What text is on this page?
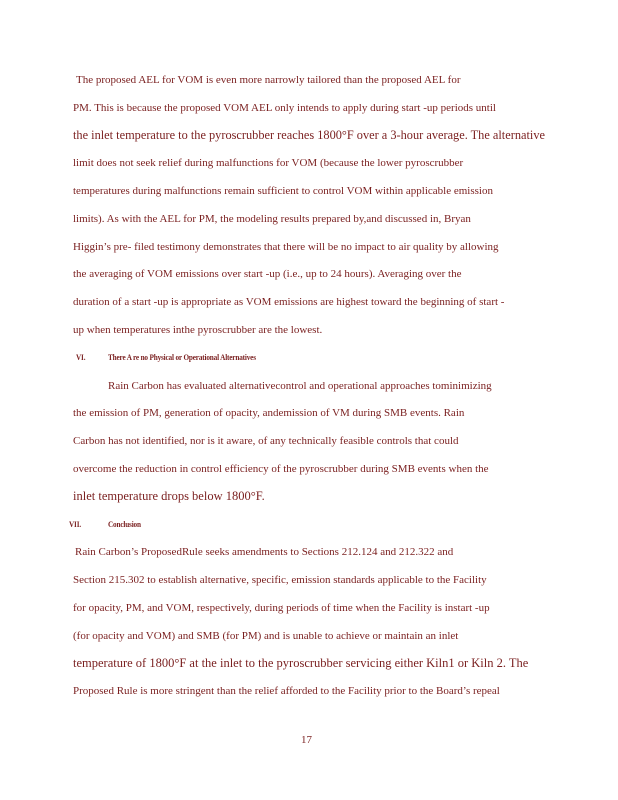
The proposed AEL for VOM is even more narrowly tailored than the proposed AEL for
PM. This is because the proposed VOM AEL only intends to apply during start -up periods until
the inlet temperature to the pyroscrubber reaches 1800°F over a 3-hour average. The alternative
limit does not seek relief during malfunctions for VOM (because the lower pyroscrubber
temperatures during malfunctions remain sufficient to control VOM within applicable emission
limits). As with the AEL for PM, the modeling results prepared by,and discussed in, Bryan
Higgin’s pre- filed testimony demonstrates that there will be no impact to air quality by allowing
the averaging of VOM emissions over start -up (i.e., up to 24 hours). Averaging over the
duration of a start -up is appropriate as VOM emissions are highest toward the beginning of start -
up when temperatures inthe pyroscrubber are the lowest.
VI.	There A re no Physical or Operational Alternatives
Rain Carbon has evaluated alternativecontrol and operational approaches tominimizing
the emission of PM, generation of opacity, andemission of VM during SMB events. Rain
Carbon has not identified, nor is it aware, of any technically feasible controls that could
overcome the reduction in control efficiency of the pyroscrubber during SMB events when the
inlet temperature drops below 1800°F.
VII.	Conclusion
Rain Carbon’s ProposedRule seeks amendments to Sections 212.124 and 212.322 and
Section 215.302 to establish alternative, specific, emission standards applicable to the Facility
for opacity, PM, and VOM, respectively, during periods of time when the Facility is instart -up
(for opacity and VOM) and SMB (for PM) and is unable to achieve or maintain an inlet
temperature of 1800°F at the inlet to the pyroscrubber servicing either Kiln1 or Kiln 2. The
Proposed Rule is more stringent than the relief afforded to the Facility prior to the Board’s repeal
17
